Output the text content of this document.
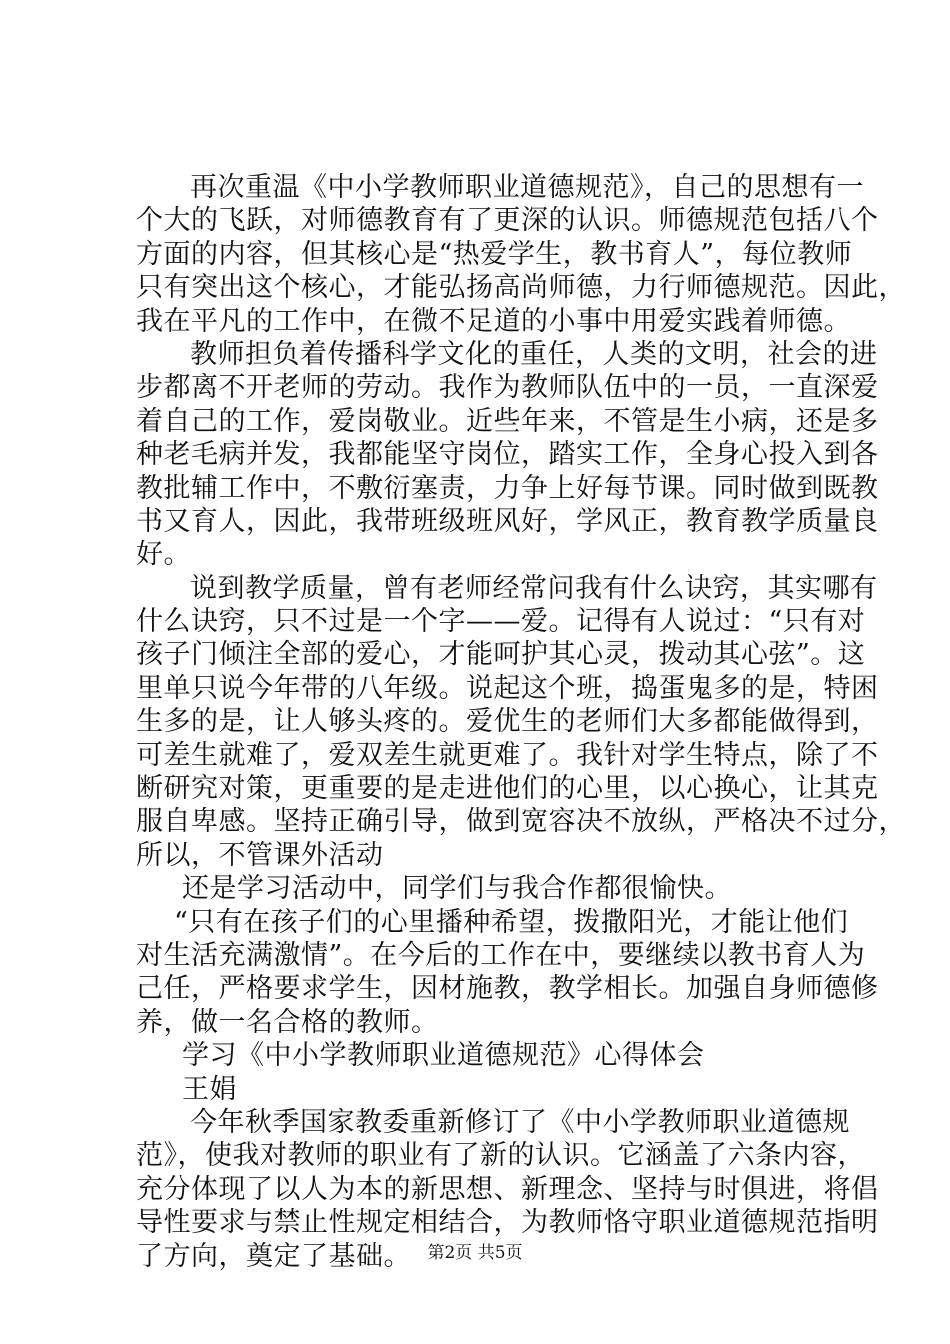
再次重温《中小学教师职业道德规范》，自己的思想有一
个大的飞跃，对师德教育有了更深的认识。师德规范包括八个
方面的内容，但其核心是“热爱学生，教书育人”，每位教师
只有突出这个核心，才能弘扬高尚师德，力行师德规范。因此，
我在平凡的工作中，在微不足道的小事中用爱实践着师德。
教师担负着传播科学文化的重任，人类的文明，社会的进
步都离不开老师的劳动。我作为教师队伍中的一员，一直深爱
着自己的工作，爱岗敬业。近些年来，不管是生小病，还是多
种老毛病并发，我都能坚守岗位，踏实工作，全身心投入到各
教批辅工作中，不敷衍塞责，力争上好每节课。同时做到既教
书又育人，因此，我带班级班风好，学风正，教育教学质量良
好。
说到教学质量，曾有老师经常问我有什么诀窍，其实哪有
什么诀窍，只不过是一个字——爱。记得有人说过：“只有对
孩子门倾注全部的爱心，才能呵护其心灵，拨动其心弦”。这
里单只说今年带的八年级。说起这个班，捣蛋鬼多的是，特困
生多的是，让人够头疼的。爱优生的老师们大多都能做得到，
可差生就难了，爱双差生就更难了。我针对学生特点，除了不
断研究对策，更重要的是走进他们的心里，以心换心，让其克
服自卑感。坚持正确引导，做到宽容决不放纵，严格决不过分，
所以，不管课外活动
还是学习活动中，同学们与我合作都很愉快。
“只有在孩子们的心里播种希望，拨撒阳光，才能让他们
对生活充满激情”。在今后的工作在中，要继续以教书育人为
己任，严格要求学生，因材施教，教学相长。加强自身师德修
养，做一名合格的教师。
学习《中小学教师职业道德规范》心得体会
王娟
今年秋季国家教委重新修订了《中小学教师职业道德规
范》，使我对教师的职业有了新的认识。它涵盖了六条内容，
充分体现了以人为本的新思想、新理念、坚持与时俱进，将倡
导性要求与禁止性规定相结合，为教师恪守职业道德规范指明
了方向，奠定了基础。 第2页 共5页
